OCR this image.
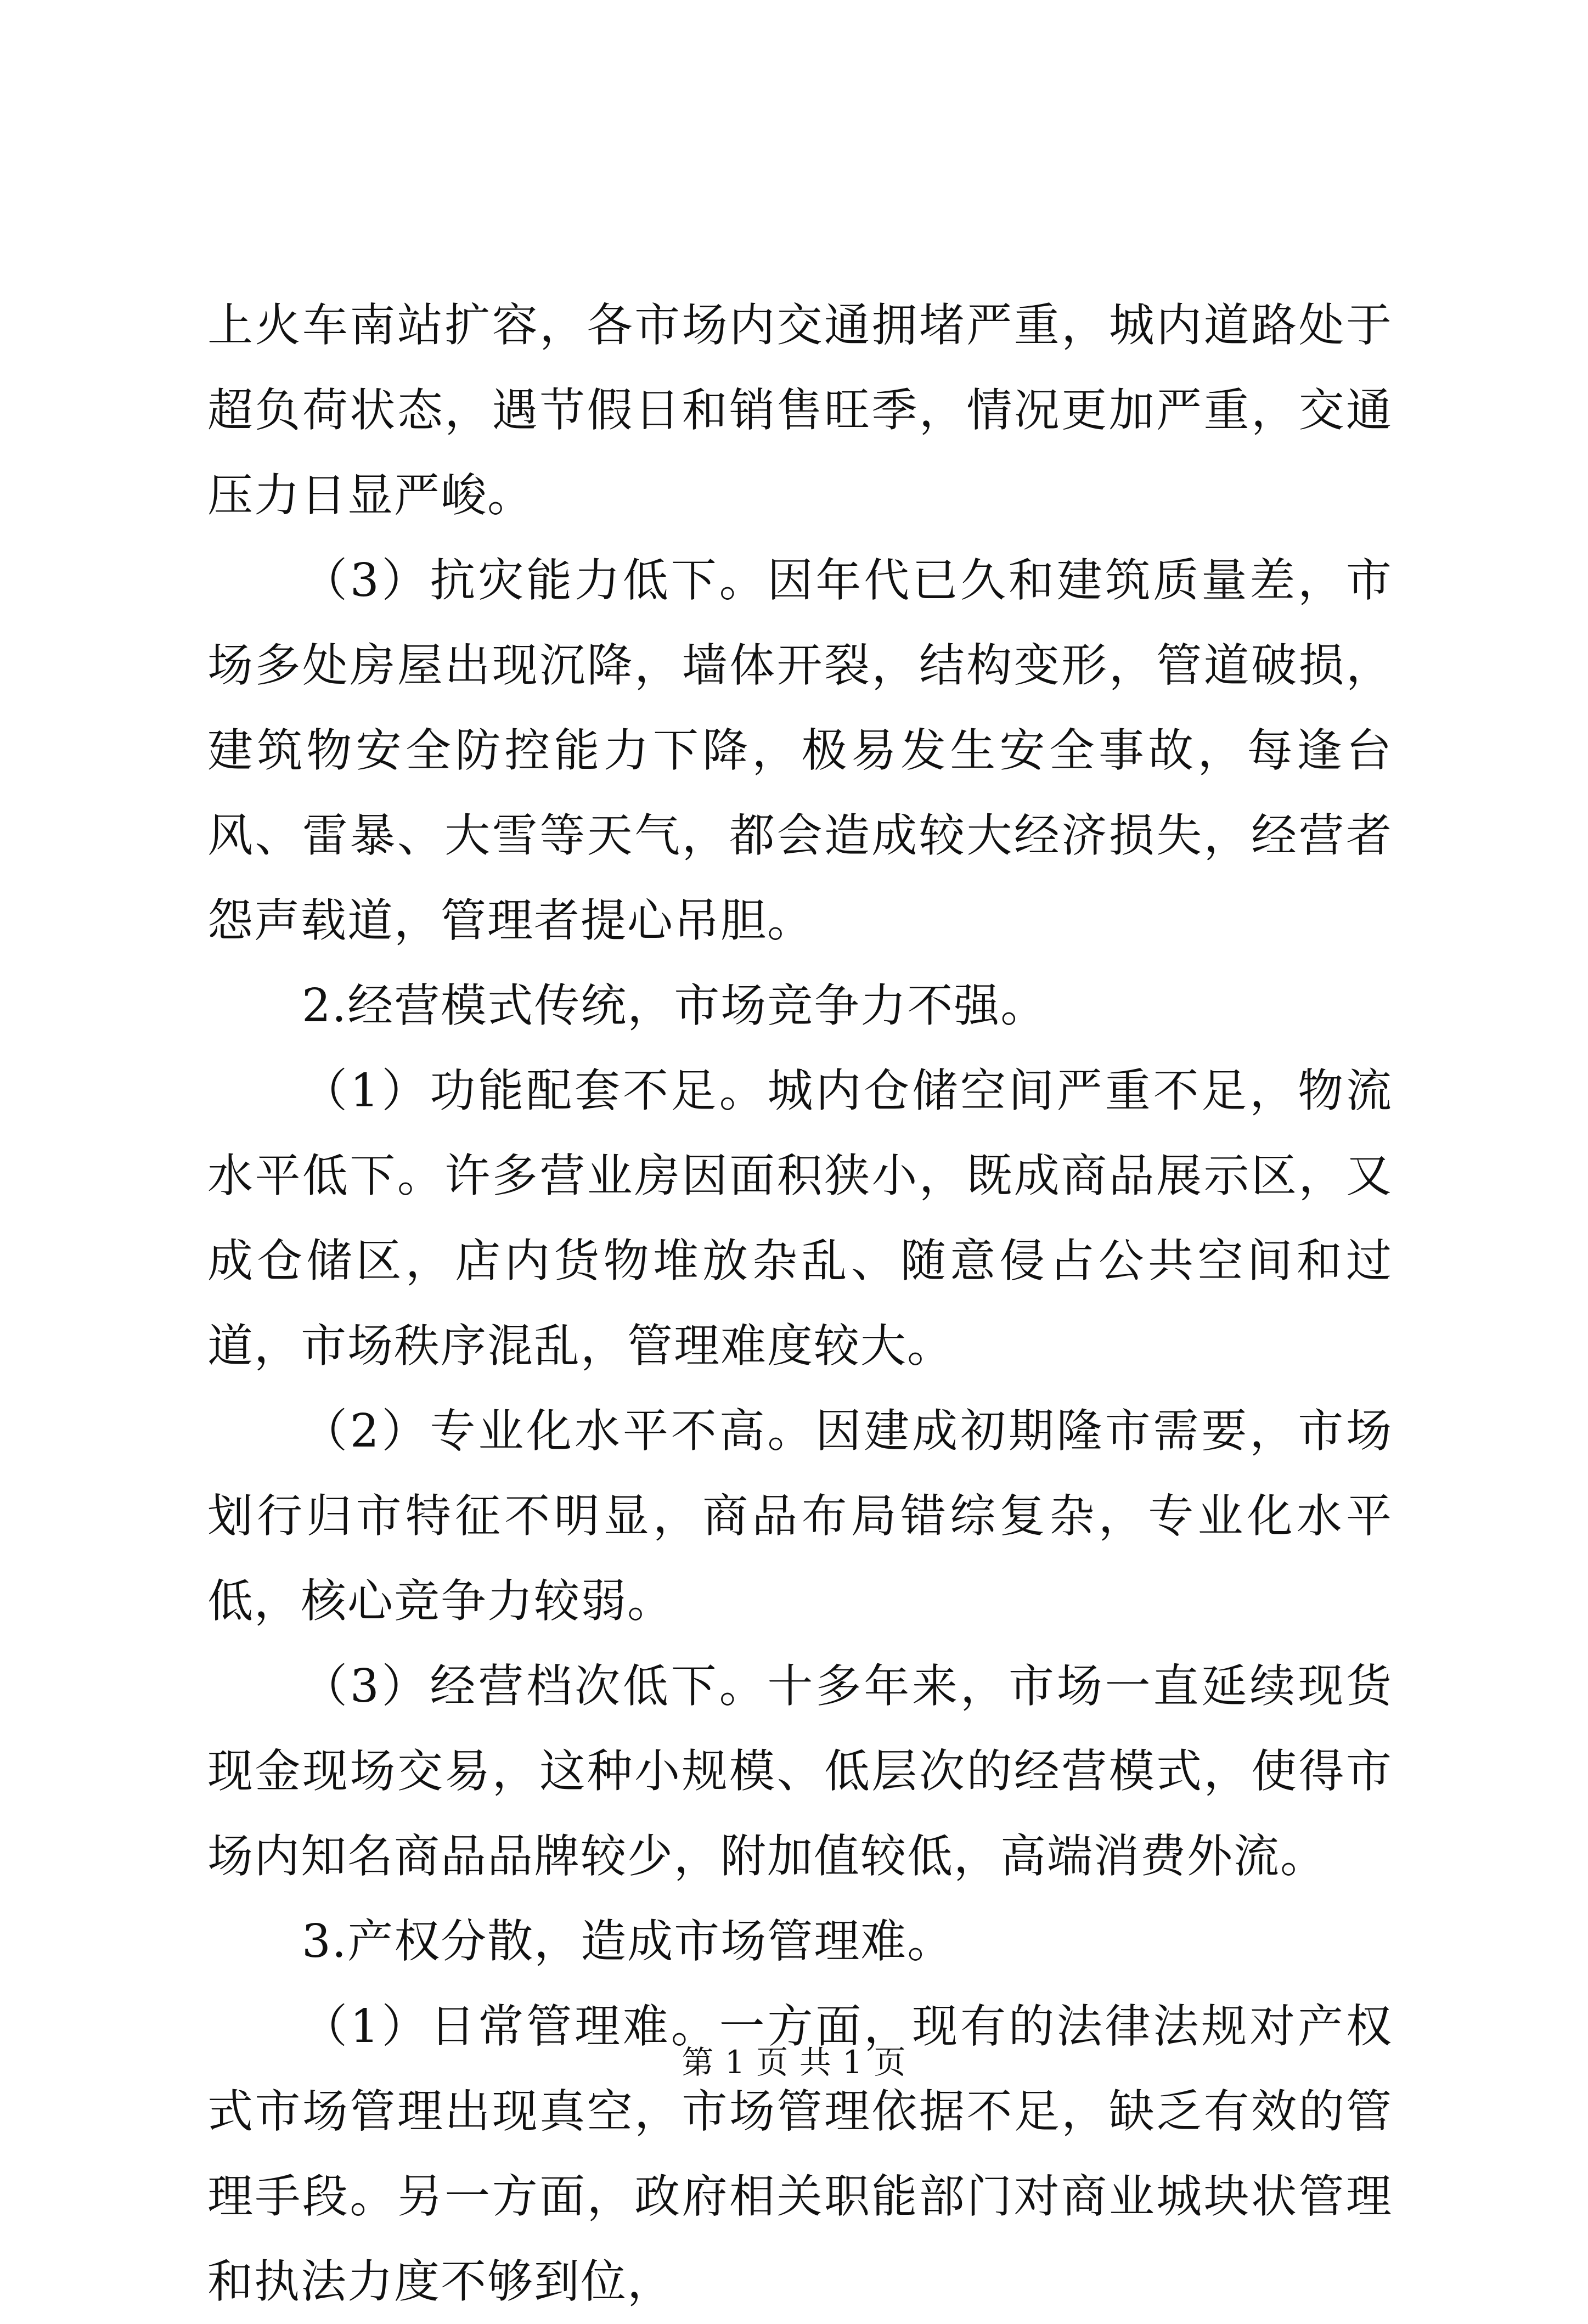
上火车南站扩容，各市场内交通拥堵严重，城内道路处于超负荷状态，遇节假日和销售旺季，情况更加严重，交通压力日显严峻。

（3）抗灾能力低下。因年代已久和建筑质量差，市场多处房屋出现沉降，墙体开裂，结构变形，管道破损，建筑物安全防控能力下降，极易发生安全事故，每逢台风、雷暴、大雪等天气，都会造成较大经济损失，经营者怨声载道，管理者提心吊胆。

2.经营模式传统，市场竞争力不强。

（1）功能配套不足。城内仓储空间严重不足，物流水平低下。许多营业房因面积狭小，既成商品展示区，又成仓储区，店内货物堆放杂乱、随意侵占公共空间和过道，市场秩序混乱，管理难度较大。

（2）专业化水平不高。因建成初期隆市需要，市场划行归市特征不明显，商品布局错综复杂，专业化水平低，核心竞争力较弱。

（3）经营档次低下。十多年来，市场一直延续现货现金现场交易，这种小规模、低层次的经营模式，使得市场内知名商品品牌较少，附加值较低，高端消费外流。

3.产权分散，造成市场管理难。

（1）日常管理难。一方面，现有的法律法规对产权式市场管理出现真空，市场管理依据不足，缺乏有效的管理手段。另一方面，政府相关职能部门对商业城块状管理和执法力度不够到位，

第 1 页 共 1 页
